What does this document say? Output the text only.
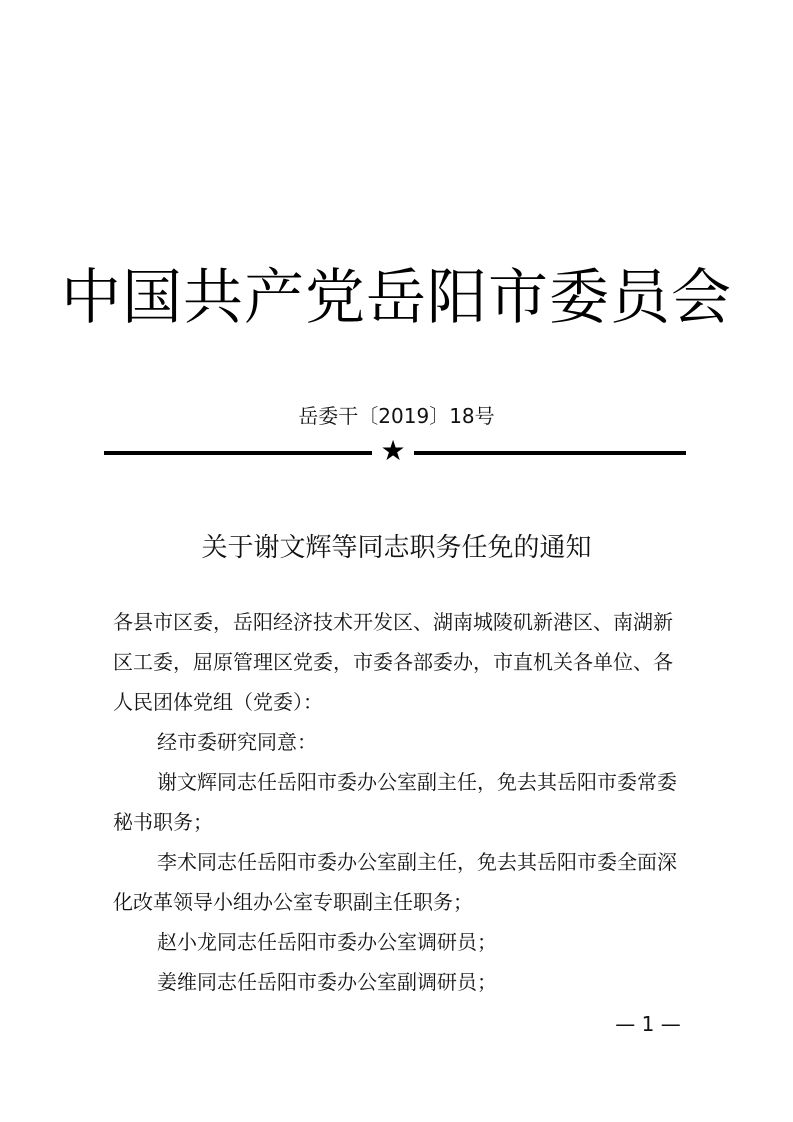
中国共产党岳阳市委员会
岳委干〔2019〕18号
★
关于谢文辉等同志职务任免的通知

各县市区委，岳阳经济技术开发区、湖南城陵矶新港区、南湖新区工委，屈原管理区党委，市委各部委办，市直机关各单位、各人民团体党组（党委）：

经市委研究同意：

谢文辉同志任岳阳市委办公室副主任，免去其岳阳市委常委秘书职务；

李术同志任岳阳市委办公室副主任，免去其岳阳市委全面深化改革领导小组办公室专职副主任职务；

赵小龙同志任岳阳市委办公室调研员；

姜维同志任岳阳市委办公室副调研员；

— 1 —
